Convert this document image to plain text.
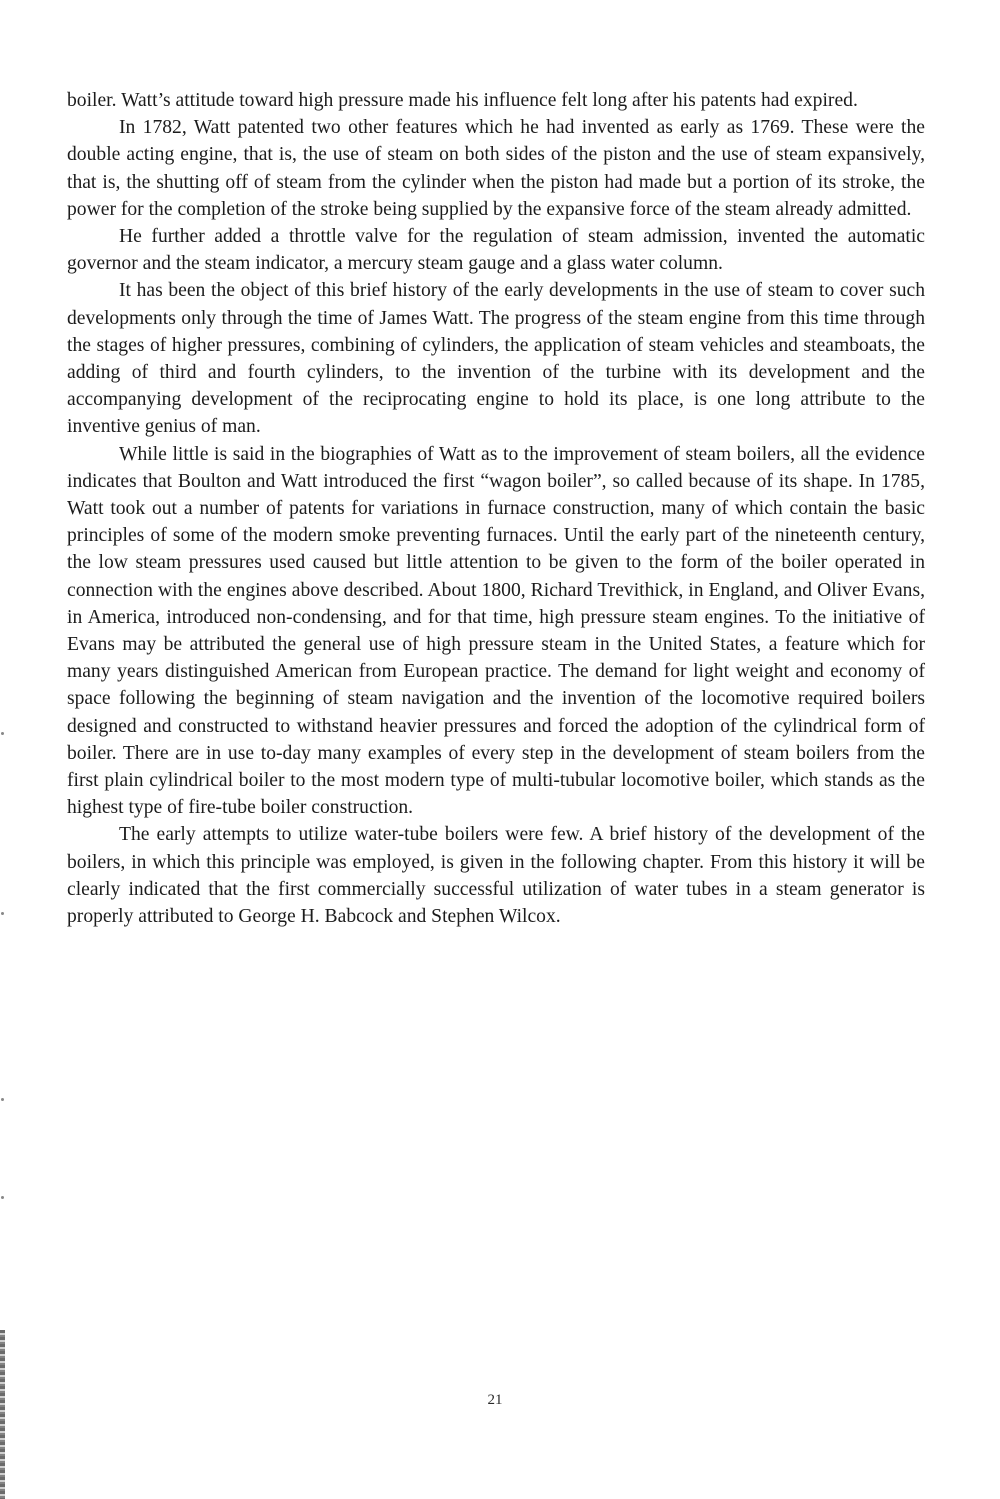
boiler. Watt’s attitude toward high pressure made his influence felt long after his patents had expired.

In 1782, Watt patented two other features which he had invented as early as 1769. These were the double acting engine, that is, the use of steam on both sides of the piston and the use of steam expansively, that is, the shutting off of steam from the cylinder when the piston had made but a portion of its stroke, the power for the completion of the stroke being supplied by the expansive force of the steam already admitted.

He further added a throttle valve for the regulation of steam admission, invented the automatic governor and the steam indicator, a mercury steam gauge and a glass water column.

It has been the object of this brief history of the early developments in the use of steam to cover such developments only through the time of James Watt. The progress of the steam engine from this time through the stages of higher pressures, combining of cylinders, the application of steam vehicles and steamboats, the adding of third and fourth cylinders, to the invention of the turbine with its development and the accompanying development of the reciprocating engine to hold its place, is one long attribute to the inventive genius of man.

While little is said in the biographies of Watt as to the improvement of steam boilers, all the evidence indicates that Boulton and Watt introduced the first “wagon boiler”, so called because of its shape. In 1785, Watt took out a number of patents for variations in furnace construction, many of which contain the basic principles of some of the modern smoke preventing furnaces. Until the early part of the nineteenth century, the low steam pressures used caused but little attention to be given to the form of the boiler operated in connection with the engines above described. About 1800, Richard Trevithick, in England, and Oliver Evans, in America, introduced non-condensing, and for that time, high pressure steam engines. To the initiative of Evans may be attributed the general use of high pressure steam in the United States, a feature which for many years distinguished American from European practice. The demand for light weight and economy of space following the beginning of steam navigation and the invention of the locomotive required boilers designed and constructed to withstand heavier pressures and forced the adoption of the cylindrical form of boiler. There are in use to-day many examples of every step in the development of steam boilers from the first plain cylindrical boiler to the most modern type of multi-tubular locomotive boiler, which stands as the highest type of fire-tube boiler construction.

The early attempts to utilize water-tube boilers were few. A brief history of the development of the boilers, in which this principle was employed, is given in the following chapter. From this history it will be clearly indicated that the first commercially successful utilization of water tubes in a steam generator is properly attributed to George H. Babcock and Stephen Wilcox.

21
